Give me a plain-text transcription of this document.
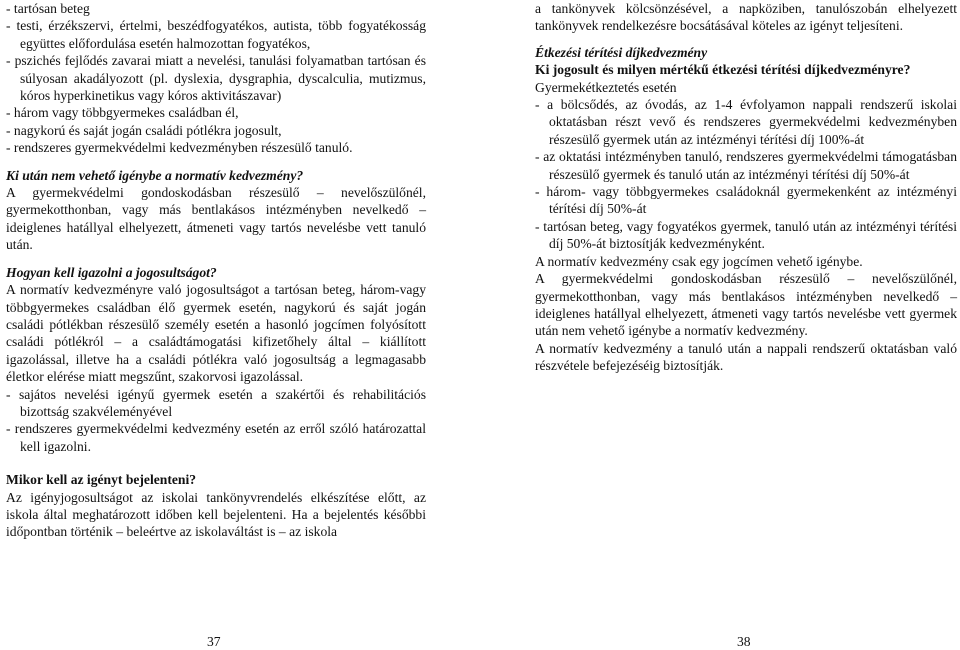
- tartósan beteg

- testi, érzékszervi, értelmi, beszédfogyatékos, autista, több fogyatékosság együttes előfordulása esetén halmozottan fogyatékos,

- pszichés fejlődés zavarai miatt a nevelési, tanulási folyamatban tartósan és súlyosan akadályozott (pl. dyslexia, dysgraphia, dyscalculia, mutizmus, kóros hyperkinetikus vagy kóros aktivitászavar)

- három vagy többgyermekes családban él,

- nagykorú és saját jogán családi pótlékra jogosult,

- rendszeres gyermekvédelmi kedvezményben részesülő tanuló.

Ki után nem vehető igénybe a normatív kedvezmény?

A gyermekvédelmi gondoskodásban részesülő – nevelőszülőnél, gyermekotthonban, vagy más bentlakásos intézményben nevelkedő – ideiglenes hatállyal elhelyezett, átmeneti vagy tartós nevelésbe vett tanuló után.

Hogyan kell igazolni a jogosultságot?

A normatív kedvezményre való jogosultságot a tartósan beteg, három-vagy többgyermekes családban élő gyermek esetén, nagykorú és saját jogán családi pótlékban részesülő személy esetén a hasonló jogcímen folyósított családi pótlékról – a családtámogatási kifizetőhely által – kiállított igazolással, illetve ha a családi pótlékra való jogosultság a legmagasabb életkor elérése miatt megszűnt, szakorvosi igazolással.

- sajátos nevelési igényű gyermek esetén a szakértői és rehabilitációs bizottság szakvéleményével

- rendszeres gyermekvédelmi kedvezmény esetén az erről szóló határozattal kell igazolni.

Mikor kell az igényt bejelenteni?

Az igényjogosultságot az iskolai tankönyvrendelés elkészítése előtt, az iskola által meghatározott időben kell bejelenteni. Ha a bejelentés későbbi időpontban történik – beleértve az iskolaváltást is – az iskola

a tankönyvek kölcsönzésével, a napköziben, tanulószobán elhelyezett tankönyvek rendelkezésre bocsátásával köteles az igényt teljesíteni.

Étkezési térítési díjkedvezmény

Ki jogosult és milyen mértékű étkezési térítési díjkedvezményre?

Gyermekétkeztetés esetén

- a bölcsődés, az óvodás, az 1-4 évfolyamon nappali rendszerű iskolai oktatásban részt vevő és rendszeres gyermekvédelmi kedvezményben részesülő gyermek után az intézményi térítési díj 100%-át

- az oktatási intézményben tanuló, rendszeres gyermekvédelmi támogatásban részesülő gyermek és tanuló után az intézményi térítési díj 50%-át

- három- vagy többgyermekes családoknál gyermekenként az intézményi térítési díj 50%-át

- tartósan beteg, vagy fogyatékos gyermek, tanuló után az intézményi térítési díj 50%-át biztosítják kedvezményként.

A normatív kedvezmény csak egy jogcímen vehető igénybe.

A gyermekvédelmi gondoskodásban részesülő – nevelőszülőnél, gyermekotthonban, vagy más bentlakásos intézményben nevelkedő – ideiglenes hatállyal elhelyezett, átmeneti vagy tartós nevelésbe vett gyermek után nem vehető igénybe a normatív kedvezmény.

A normatív kedvezmény a tanuló után a nappali rendszerű oktatásban való részvétele befejezéséig biztosítják.

37	38
